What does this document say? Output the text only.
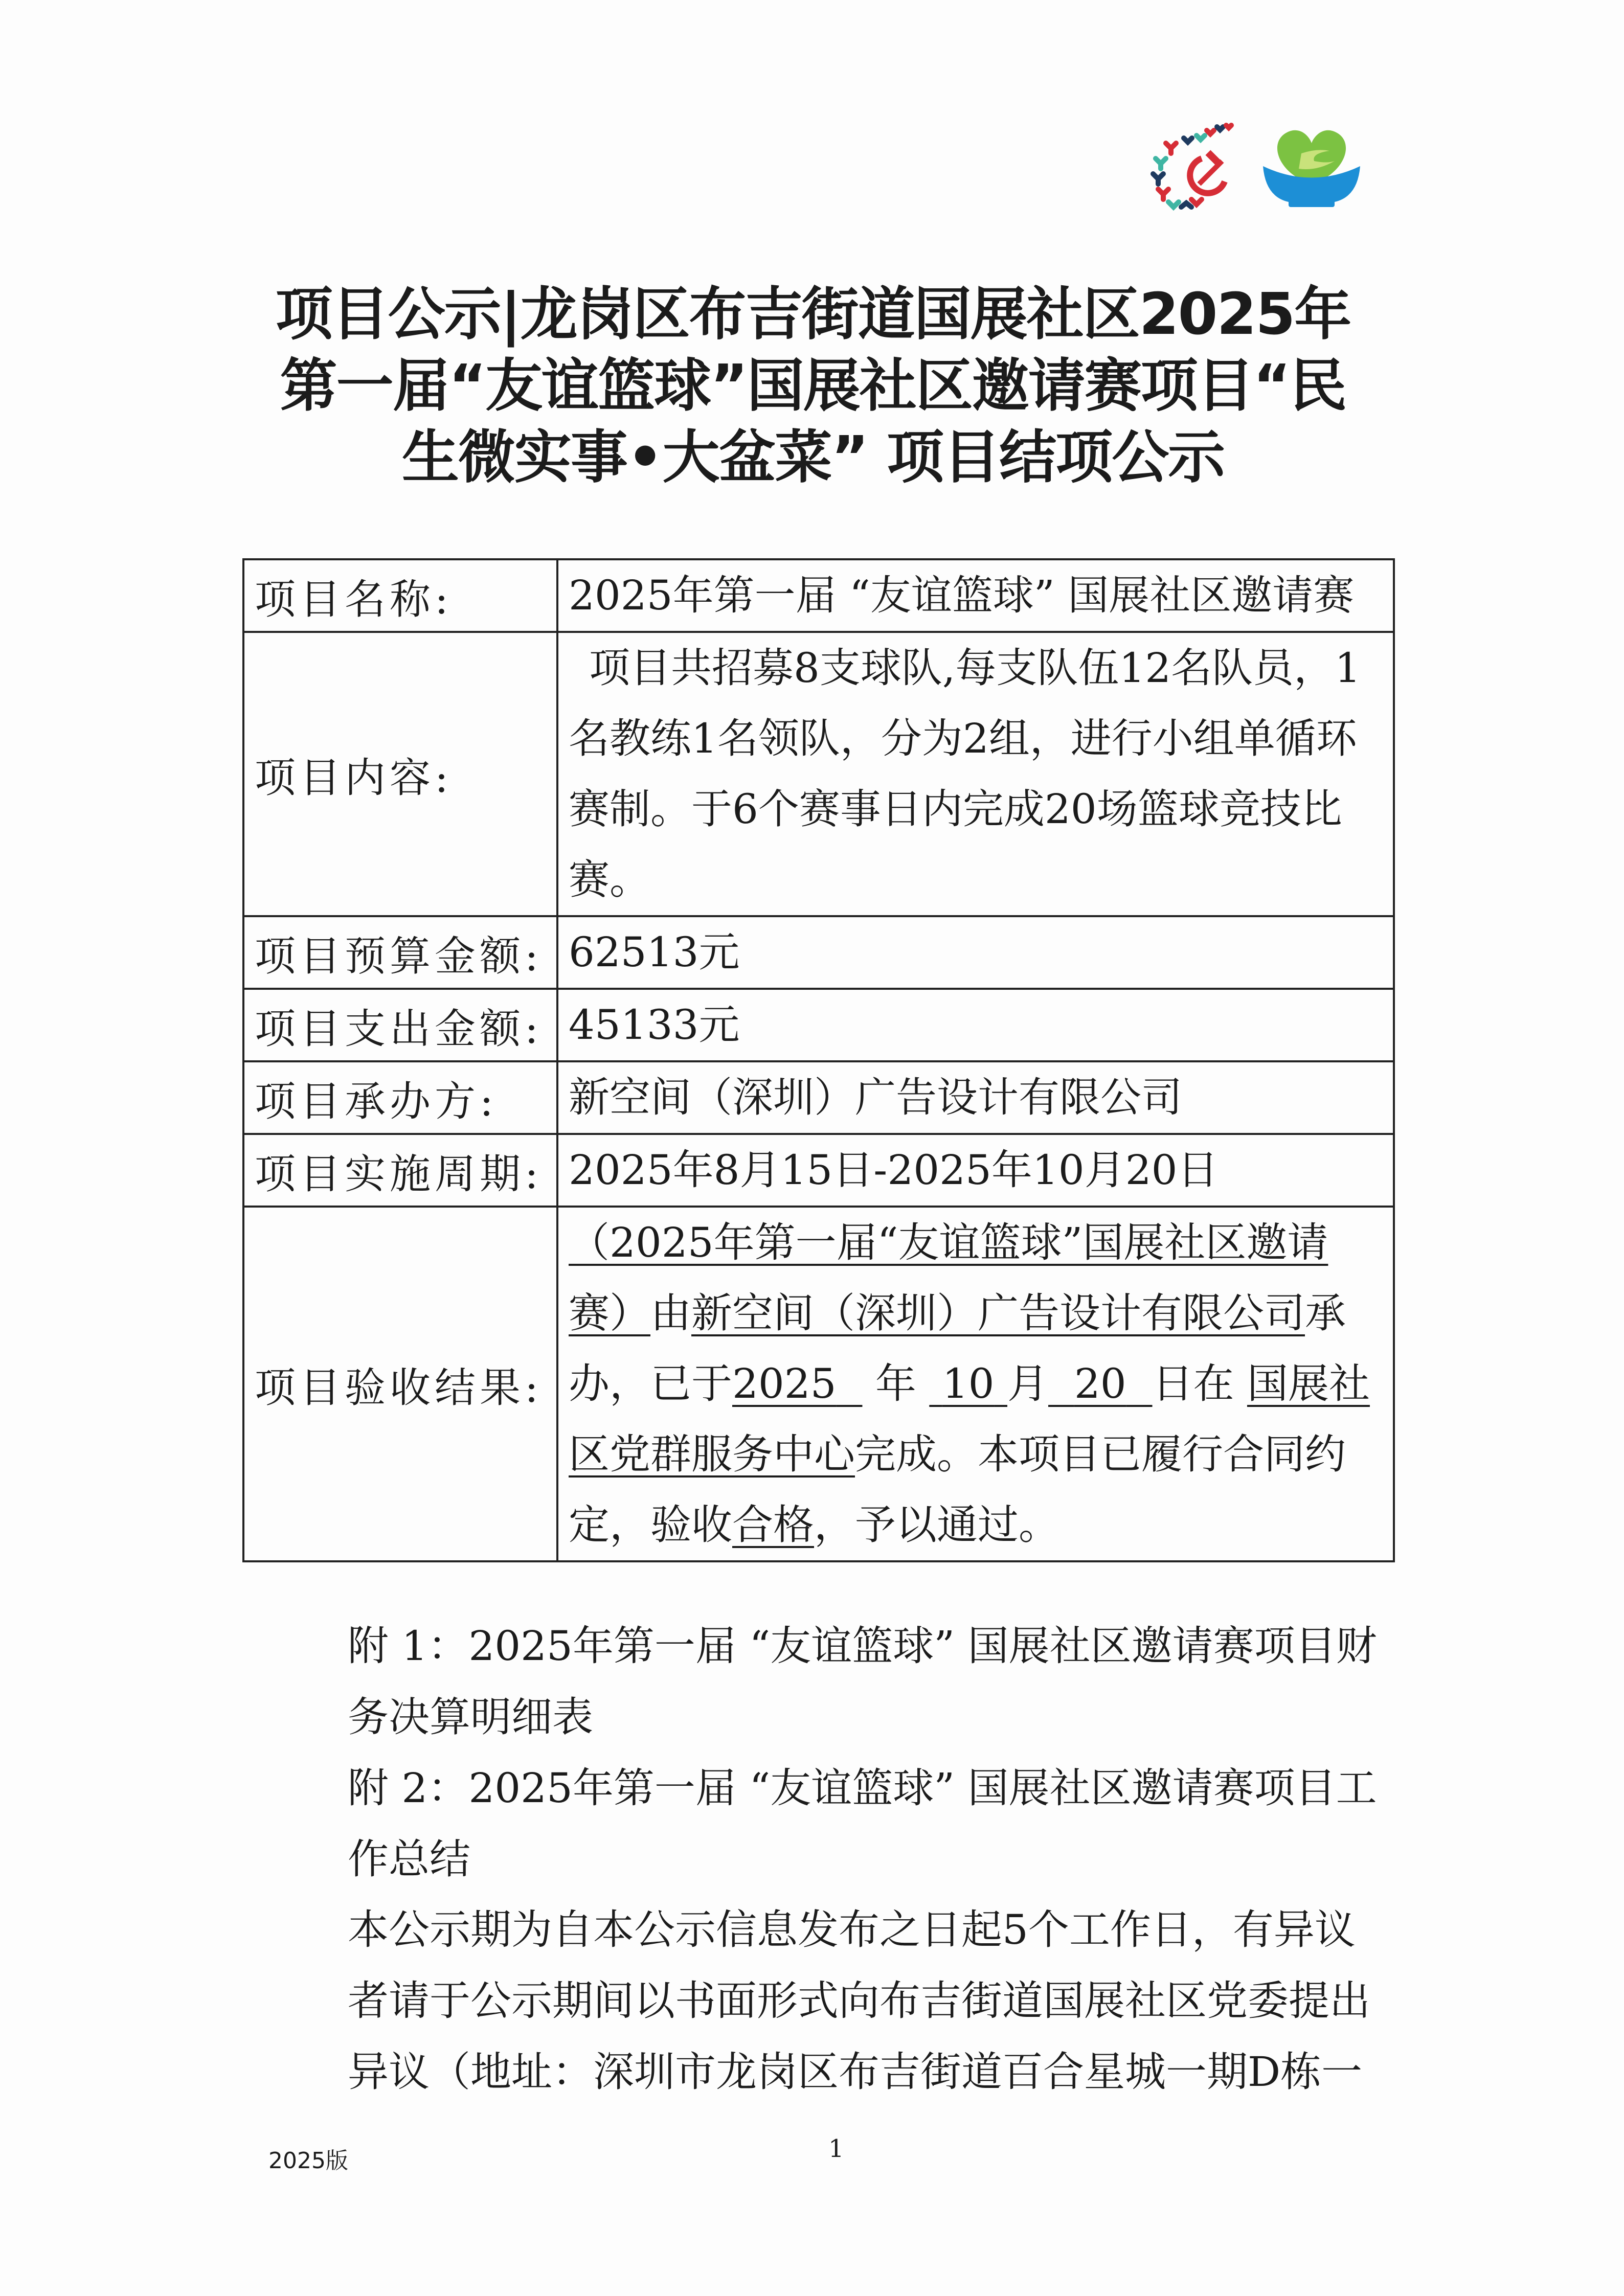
项目公示|龙岗区布吉街道国展社区2025年
第一届“友谊篮球”国展社区邀请赛项目“民
生微实事•大盆菜” 项目结项公示
项目名称:	2025年第一届 “友谊篮球” 国展社区邀请赛
项目内容:	项目共招募8支球队,每支队伍12名队员，1名教练1名领队，分为2组，进行小组单循环赛制。于6个赛事日内完成20场篮球竞技比赛。
项目预算金额:	62513元
项目支出金额:	45133元
项目承办方:	新空间（深圳）广告设计有限公司
项目实施周期:	2025年8月15日-2025年10月20日
项目验收结果:	（2025年第一届“友谊篮球”国展社区邀请赛）由新空间（深圳）广告设计有限公司承办，已于2025 年 10 月 20 日在 国展社区党群服务中心完成。本项目已履行合同约定，验收合格，予以通过。
附 1：2025年第一届 “友谊篮球” 国展社区邀请赛项目财务决算明细表
附 2：2025年第一届 “友谊篮球” 国展社区邀请赛项目工作总结
本公示期为自本公示信息发布之日起5个工作日，有异议者请于公示期间以书面形式向布吉街道国展社区党委提出异议（地址：深圳市龙岗区布吉街道百合星城一期D栋一
2025版	1
